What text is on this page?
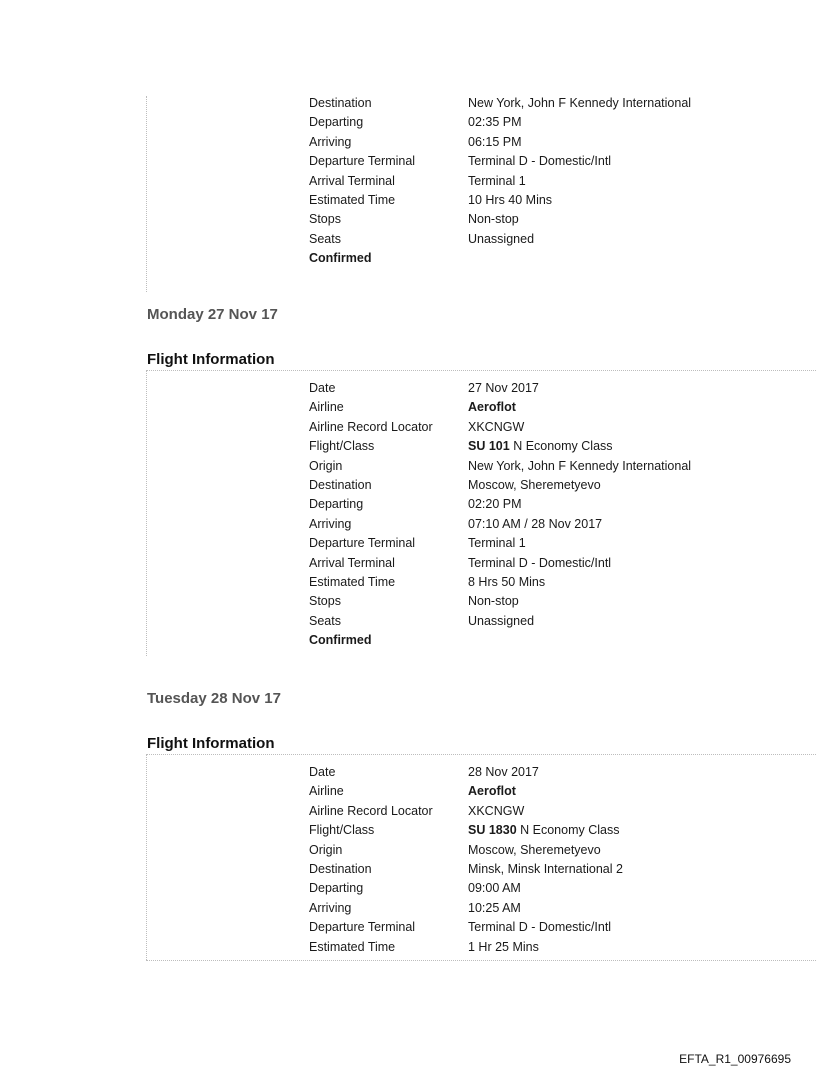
Destination	New York, John F Kennedy International
Departing	02:35 PM
Arriving	06:15 PM
Departure Terminal	Terminal D - Domestic/Intl
Arrival Terminal	Terminal 1
Estimated Time	10 Hrs 40 Mins
Stops	Non-stop
Seats	Unassigned
Confirmed
Monday 27 Nov 17
Flight Information
Date	27 Nov 2017
Airline	Aeroflot
Airline Record Locator	XKCNGW
Flight/Class	SU 101 N Economy Class
Origin	New York, John F Kennedy International
Destination	Moscow, Sheremetyevo
Departing	02:20 PM
Arriving	07:10 AM / 28 Nov 2017
Departure Terminal	Terminal 1
Arrival Terminal	Terminal D - Domestic/Intl
Estimated Time	8 Hrs 50 Mins
Stops	Non-stop
Seats	Unassigned
Confirmed
Tuesday 28 Nov 17
Flight Information
Date	28 Nov 2017
Airline	Aeroflot
Airline Record Locator	XKCNGW
Flight/Class	SU 1830 N Economy Class
Origin	Moscow, Sheremetyevo
Destination	Minsk, Minsk International 2
Departing	09:00 AM
Arriving	10:25 AM
Departure Terminal	Terminal D - Domestic/Intl
Estimated Time	1 Hr 25 Mins
EFTA_R1_00976695
